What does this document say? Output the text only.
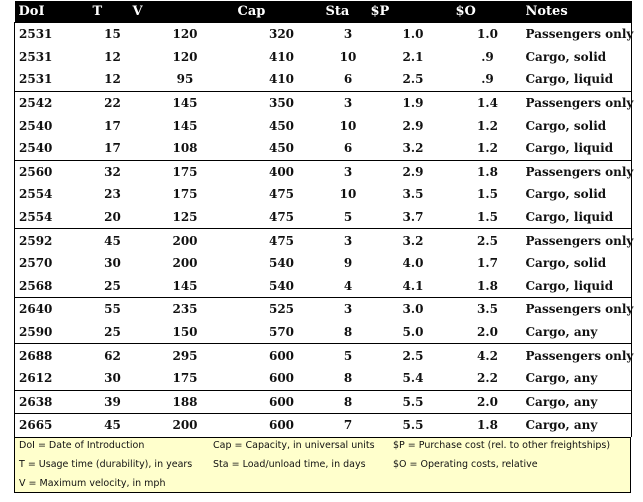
DoI	T	V	Cap	Sta	$P	$O	Notes
2531	15	120	320	3	1.0	1.0	Passengers only
2531	12	120	410	10	2.1	.9	Cargo, solid
2531	12	95	410	6	2.5	.9	Cargo, liquid
2542	22	145	350	3	1.9	1.4	Passengers only
2540	17	145	450	10	2.9	1.2	Cargo, solid
2540	17	108	450	6	3.2	1.2	Cargo, liquid
2560	32	175	400	3	2.9	1.8	Passengers only
2554	23	175	475	10	3.5	1.5	Cargo, solid
2554	20	125	475	5	3.7	1.5	Cargo, liquid
2592	45	200	475	3	3.2	2.5	Passengers only
2570	30	200	540	9	4.0	1.7	Cargo, solid
2568	25	145	540	4	4.1	1.8	Cargo, liquid
2640	55	235	525	3	3.0	3.5	Passengers only
2590	25	150	570	8	5.0	2.0	Cargo, any
2688	62	295	600	5	2.5	4.2	Passengers only
2612	30	175	600	8	5.4	2.2	Cargo, any
2638	39	188	600	8	5.5	2.0	Cargo, any
2665	45	200	600	7	5.5	1.8	Cargo, any
DoI = Date of Introduction
T = Usage time (durability), in years
V = Maximum velocity, in mph
Cap = Capacity, in universal units
Sta = Load/unload time, in days
$P = Purchase cost (rel. to other freightships)
$O = Operating costs, relative
